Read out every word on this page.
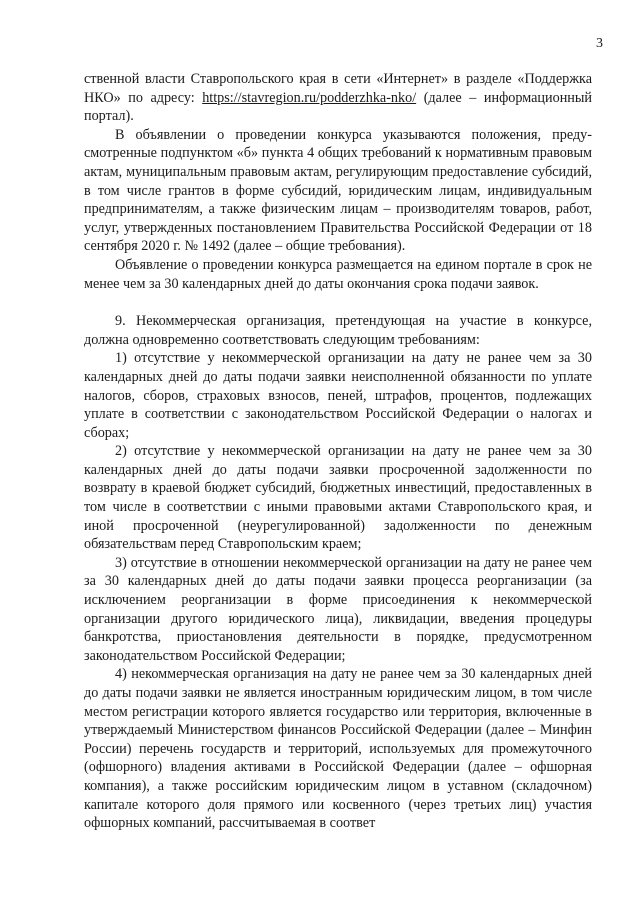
3

ственной власти Ставропольского края в сети «Интернет» в разделе «Поддержка НКО» по адресу: https://stavregion.ru/podderzhka-nko/ (далее – информационный портал).

В объявлении о проведении конкурса указываются положения, предусмотренные подпунктом «б» пункта 4 общих требований к нормативным правовым актам, муниципальным правовым актам, регулирующим предоставление субсидий, в том числе грантов в форме субсидий, юридическим лицам, индивидуальным предпринимателям, а также физическим лицам – производителям товаров, работ, услуг, утвержденных постановлением Правительства Российской Федерации от 18 сентября 2020 г. № 1492 (далее – общие требования).

Объявление о проведении конкурса размещается на едином портале в срок не менее чем за 30 календарных дней до даты окончания срока подачи заявок.

9. Некоммерческая организация, претендующая на участие в конкурсе, должна одновременно соответствовать следующим требованиям:

1) отсутствие у некоммерческой организации на дату не ранее чем за 30 календарных дней до даты подачи заявки неисполненной обязанности по уплате налогов, сборов, страховых взносов, пеней, штрафов, процентов, подлежащих уплате в соответствии с законодательством Российской Федерации о налогах и сборах;

2) отсутствие у некоммерческой организации на дату не ранее чем за 30 календарных дней до даты подачи заявки просроченной задолженности по возврату в краевой бюджет субсидий, бюджетных инвестиций, предоставленных в том числе в соответствии с иными правовыми актами Ставропольского края, и иной просроченной (неурегулированной) задолженности по денежным обязательствам перед Ставропольским краем;

3) отсутствие в отношении некоммерческой организации на дату не ранее чем за 30 календарных дней до даты подачи заявки процесса реорганизации (за исключением реорганизации в форме присоединения к некоммерческой организации другого юридического лица), ликвидации, введения процедуры банкротства, приостановления деятельности в порядке, предусмотренном законодательством Российской Федерации;

4) некоммерческая организация на дату не ранее чем за 30 календарных дней до даты подачи заявки не является иностранным юридическим лицом, в том числе местом регистрации которого является государство или территория, включенные в утверждаемый Министерством финансов Российской Федерации (далее – Минфин России) перечень государств и территорий, используемых для промежуточного (офшорного) владения активами в Российской Федерации (далее – офшорная компания), а также российским юридическим лицом в уставном (складочном) капитале которого доля прямого или косвенного (через третьих лиц) участия офшорных компаний, рассчитываемая в соответ
